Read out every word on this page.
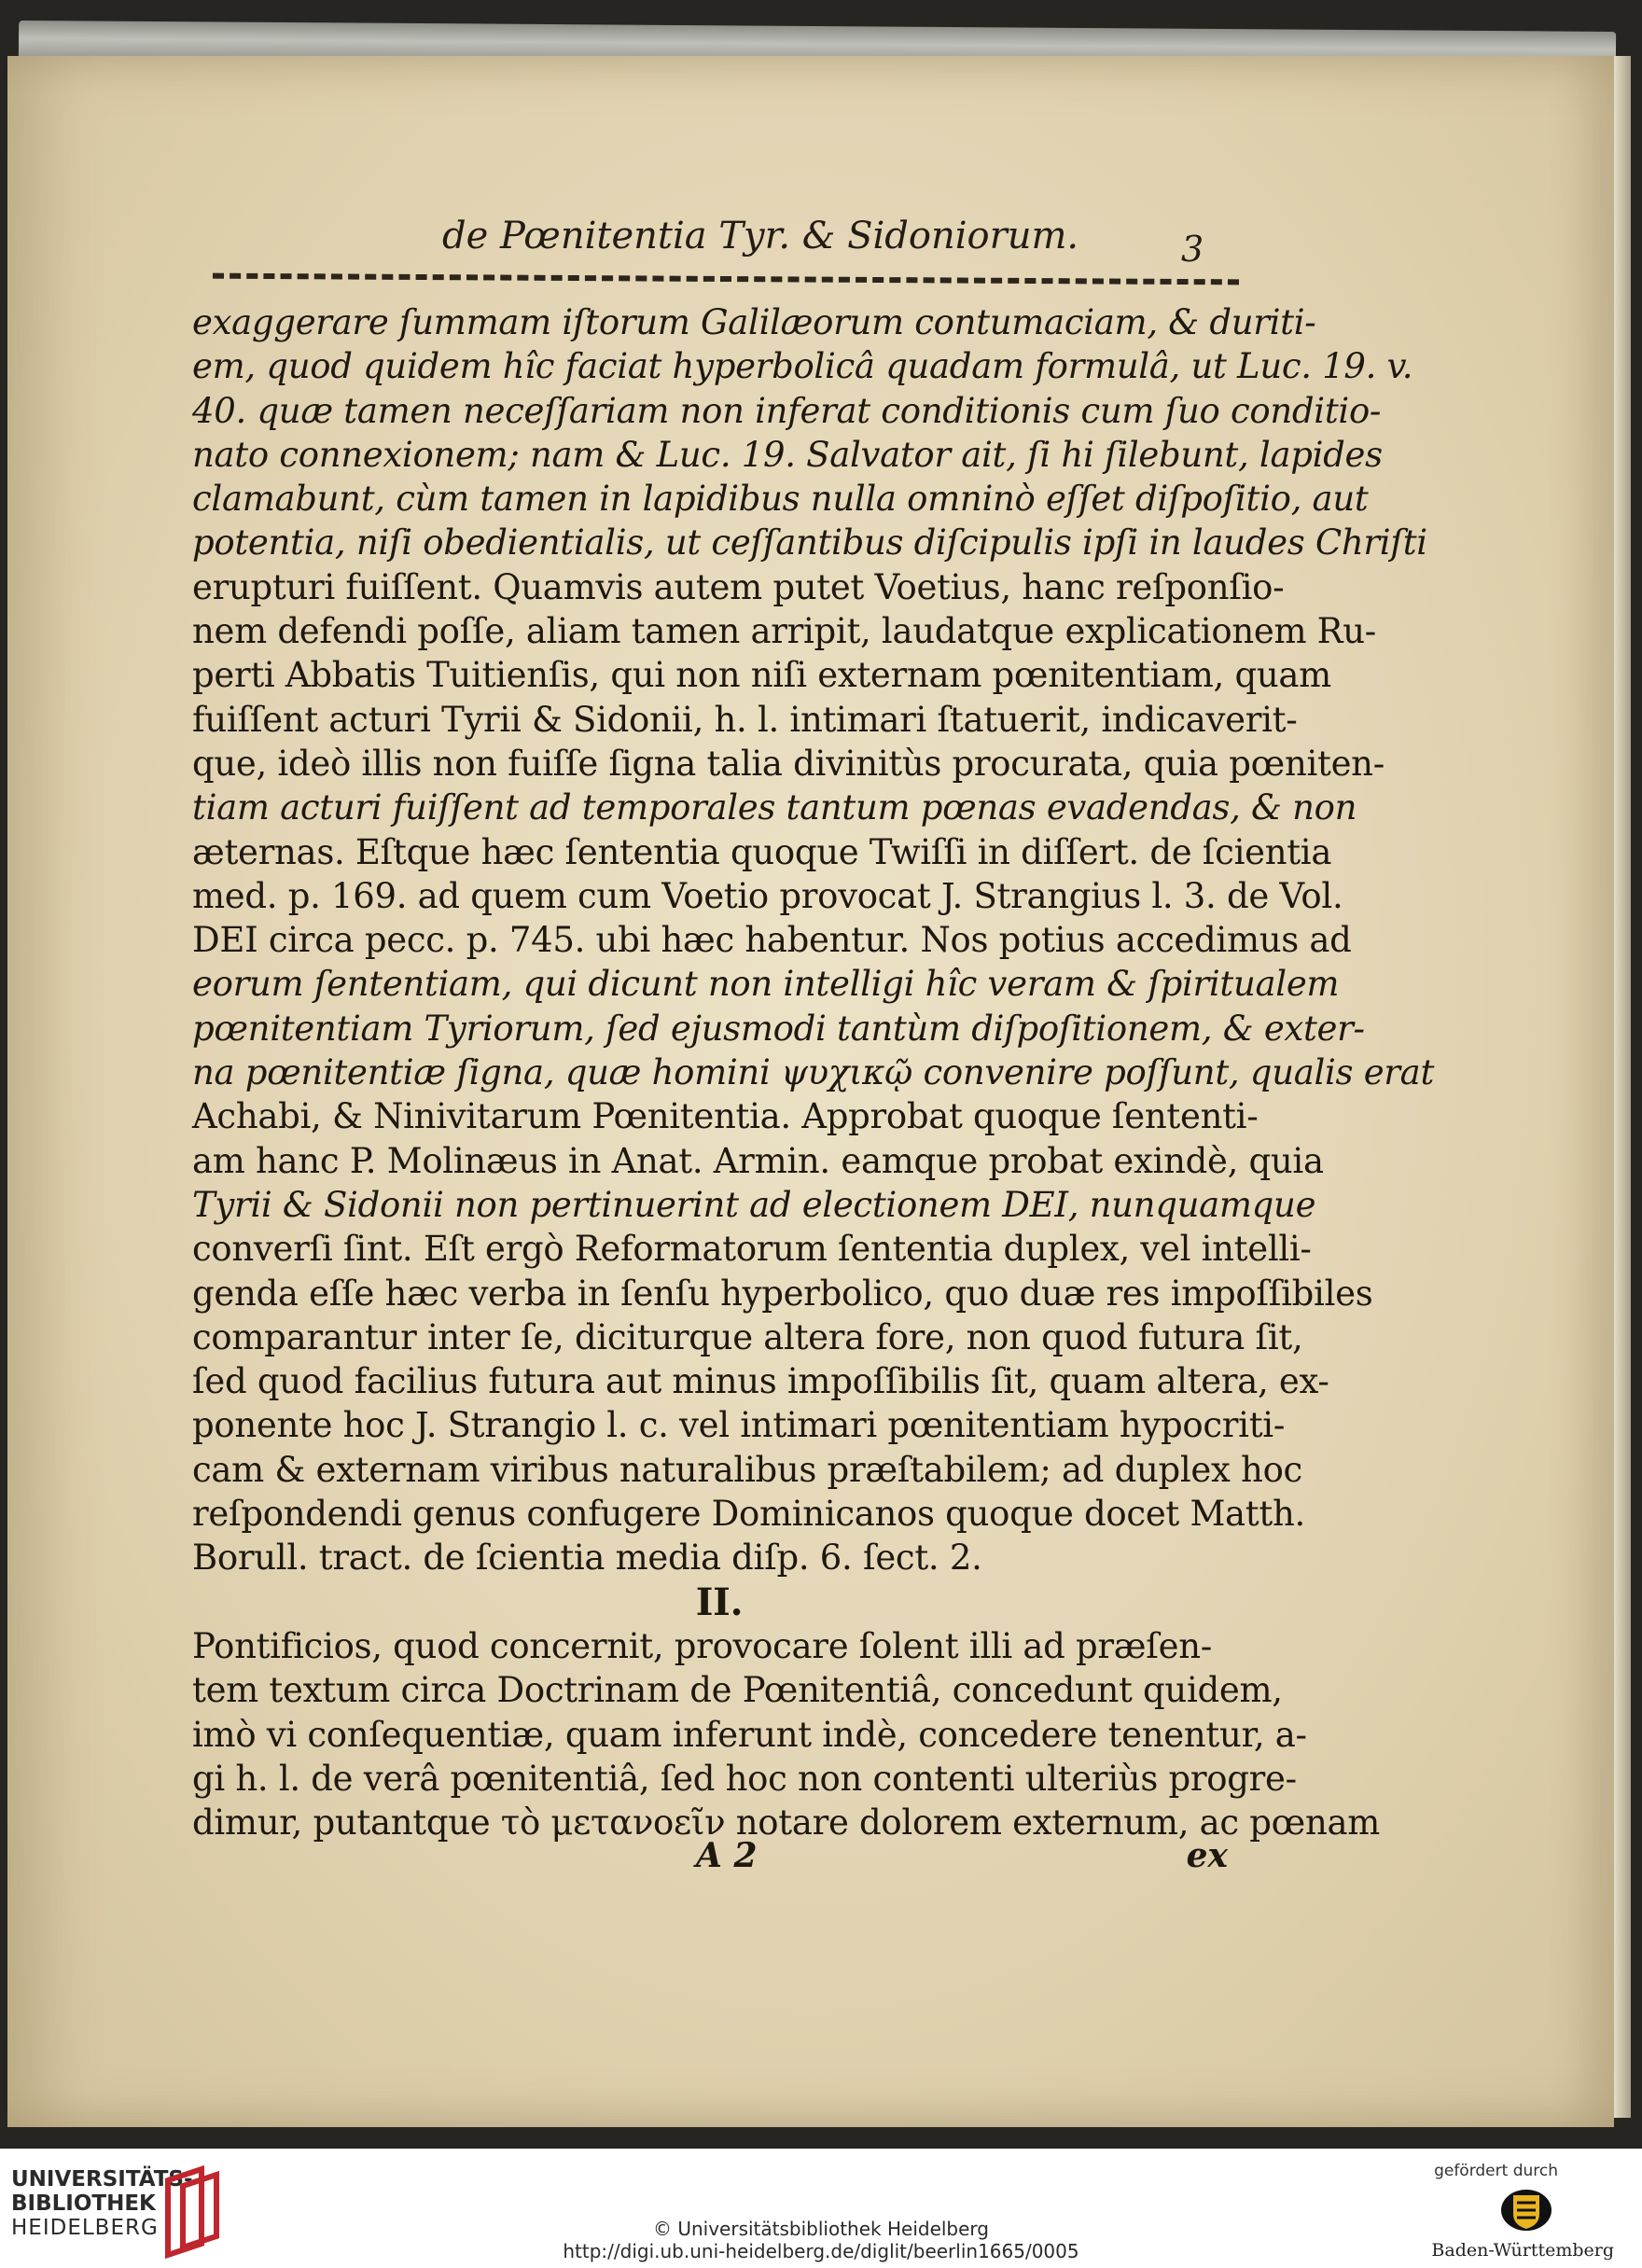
de Pœnitentia Tyr. & Sidoniorum.	3
exaggerare ſummam iſtorum Galilæorum contumaciam, & duriti-
em, quod quidem hîc faciat hyperbolicâ quadam formulâ, ut Luc. 19. v.
40. quæ tamen neceſſariam non inferat conditionis cum ſuo conditio-
nato connexionem; nam & Luc. 19. Salvator ait, ſi hi ſilebunt, lapides
clamabunt, cùm tamen in lapidibus nulla omninò eſſet diſpoſitio, aut
potentia, niſi obedientialis, ut ceſſantibus diſcipulis ipſi in laudes Chriſti
erupturi fuiſſent. Quamvis autem putet Voetius, hanc reſponſio-
nem defendi poſſe, aliam tamen arripit, laudatque explicationem Ru-
perti Abbatis Tuitienſis, qui non niſi externam pœnitentiam, quam
fuiſſent acturi Tyrii & Sidonii, h. l. intimari ſtatuerit, indicaverit-
que, ideò illis non fuiſſe ſigna talia divinitùs procurata, quia pœniten-
tiam acturi fuiſſent ad temporales tantum pœnas evadendas, & non
æternas. Eſtque hæc ſententia quoque Twiſſi in diſſert. de ſcientia
med. p. 169. ad quem cum Voetio provocat J. Strangius l. 3. de Vol.
DEI circa pecc. p. 745. ubi hæc habentur. Nos potius accedimus ad
eorum ſententiam, qui dicunt non intelligi hîc veram & ſpiritualem
pœnitentiam Tyriorum, ſed ejusmodi tantùm diſpoſitionem, & exter-
na pœnitentiæ ſigna, quæ homini ψυχικῷ convenire poſſunt, qualis erat
Achabi, & Ninivitarum Pœnitentia. Approbat quoque ſententi-
am hanc P. Molinæus in Anat. Armin. eamque probat exindè, quia
Tyrii & Sidonii non pertinuerint ad electionem DEI, nunquamque
converſi ſint. Eſt ergò Reformatorum ſententia duplex, vel intelli-
genda eſſe hæc verba in ſenſu hyperbolico, quo duæ res impoſſibiles
comparantur inter ſe, diciturque altera fore, non quod futura ſit,
ſed quod facilius futura aut minus impoſſibilis ſit, quam altera, ex-
ponente hoc J. Strangio l. c. vel intimari pœnitentiam hypocriti-
cam & externam viribus naturalibus præſtabilem; ad duplex hoc
reſpondendi genus confugere Dominicanos quoque docet Matth.
Borull. tract. de ſcientia media diſp. 6. ſect. 2.
II.
Pontificios, quod concernit, provocare ſolent illi ad præſen-
tem textum circa Doctrinam de Pœnitentiâ, concedunt quidem,
imò vi conſequentiæ, quam inferunt indè, concedere tenentur, a-
gi h. l. de verâ pœnitentiâ, ſed hoc non contenti ulteriùs progre-
dimur, putantque τὸ μετανοεῖν notare dolorem externum, ac pœnam
A 2	ex
UNIVERSITÄTS-
BIBLIOTHEK
HEIDELBERG	© Universitätsbibliothek Heidelberg
http://digi.ub.uni-heidelberg.de/diglit/beerlin1665/0005
gefördert durch
Baden-Württemberg
